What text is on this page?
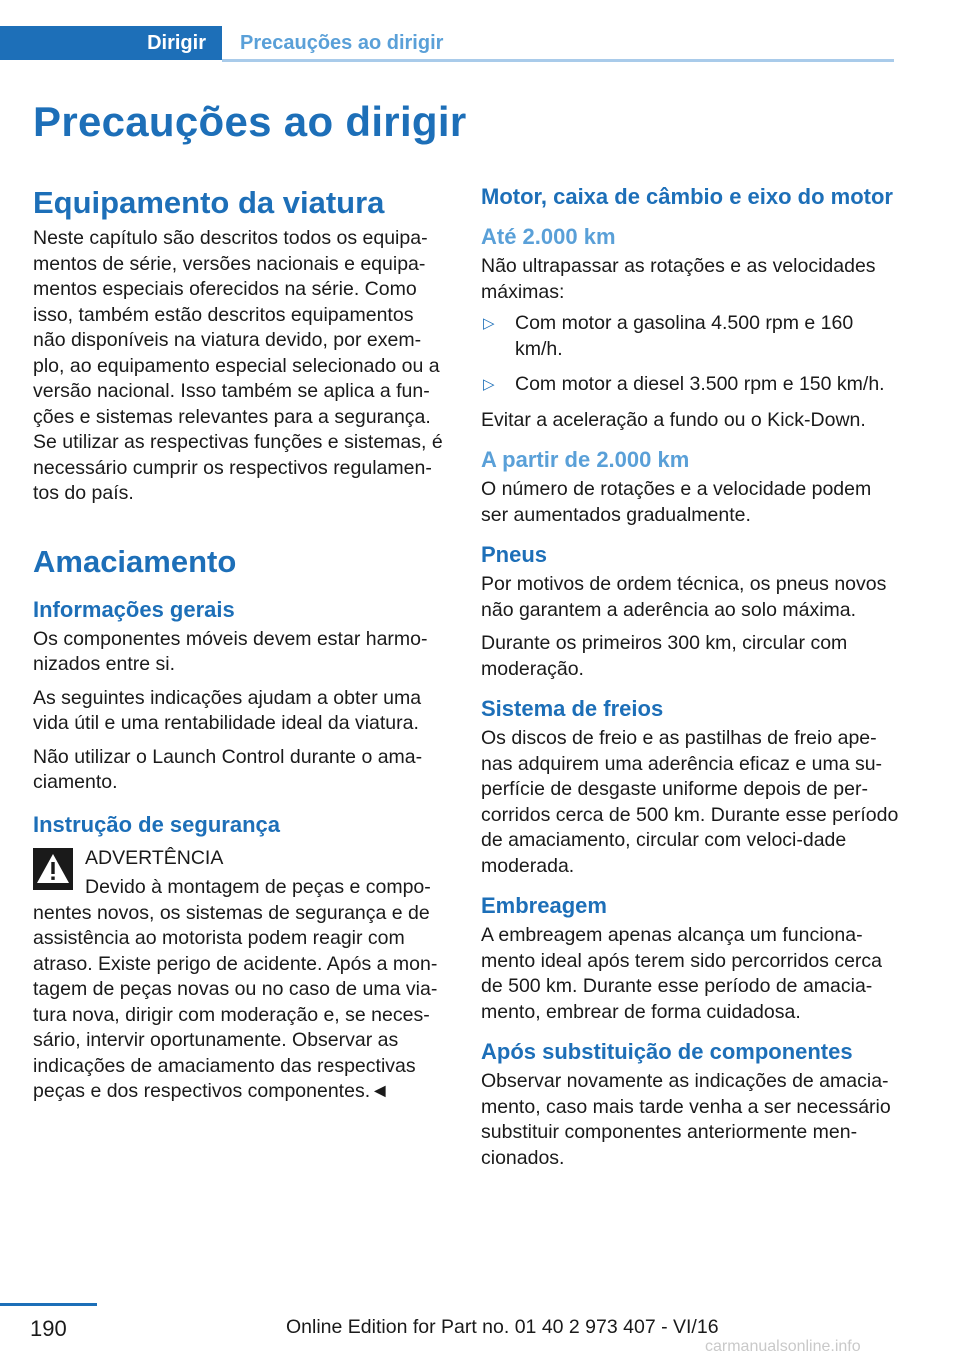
Dirigir	Precauções ao dirigir
Precauções ao dirigir
Equipamento da viatura

Neste capítulo são descritos todos os equipa-mentos de série, versões nacionais e equipa-mentos especiais oferecidos na série. Como isso, também estão descritos equipamentos não disponíveis na viatura devido, por exem-plo, ao equipamento especial selecionado ou a versão nacional. Isso também se aplica a fun-ções e sistemas relevantes para a segurança. Se utilizar as respectivas funções e sistemas, é necessário cumprir os respectivos regulamen-tos do país.

Amaciamento
Informações gerais

Os componentes móveis devem estar harmo-nizados entre si.

As seguintes indicações ajudam a obter uma vida útil e uma rentabilidade ideal da viatura.

Não utilizar o Launch Control durante o ama-ciamento.

Instrução de segurança
ADVERTÊNCIA

Devido à montagem de peças e compo-

nentes novos, os sistemas de segurança e de assistência ao motorista podem reagir com atraso. Existe perigo de acidente. Após a mon-tagem de peças novas ou no caso de uma via-tura nova, dirigir com moderação e, se neces-sário, intervir oportunamente. Observar as indicações de amaciamento das respectivas peças e dos respectivos componentes.◄

Motor, caixa de câmbio e eixo do motor
Até 2.000 km

Não ultrapassar as rotações e as velocidades máximas:

▷	Com motor a gasolina 4.500 rpm e 160 km/h.
▷	Com motor a diesel 3.500 rpm e 150 km/h.

Evitar a aceleração a fundo ou o Kick-Down.

A partir de 2.000 km

O número de rotações e a velocidade podem ser aumentados gradualmente.

Pneus

Por motivos de ordem técnica, os pneus novos não garantem a aderência ao solo máxima.

Durante os primeiros 300 km, circular com moderação.

Sistema de freios

Os discos de freio e as pastilhas de freio ape-nas adquirem uma aderência eficaz e uma su-perfície de desgaste uniforme depois de per-corridos cerca de 500 km. Durante esse período de amaciamento, circular com veloci-dade moderada.

Embreagem

A embreagem apenas alcança um funciona-mento ideal após terem sido percorridos cerca de 500 km. Durante esse período de amacia-mento, embrear de forma cuidadosa.

Após substituição de componentes

Observar novamente as indicações de amacia-mento, caso mais tarde venha a ser necessário substituir componentes anteriormente men-cionados.

190	Online Edition for Part no. 01 40 2 973 407 - VI/16
carmanualsonline.info
